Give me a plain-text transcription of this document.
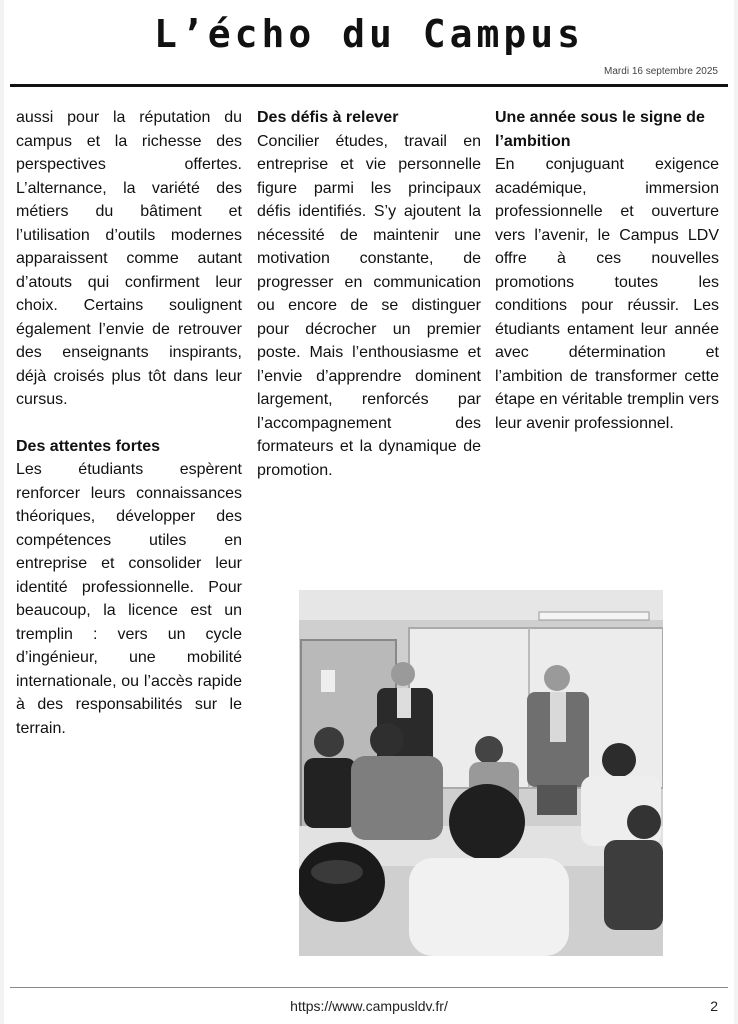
L’écho du Campus
Mardi 16 septembre 2025

aussi pour la réputation du campus et la richesse des perspectives offertes. L’alternance, la variété des métiers du bâtiment et l’utilisation d’outils modernes apparaissent comme autant d’atouts qui confirment leur choix. Certains soulignent également l’envie de retrouver des enseignants inspirants, déjà croisés plus tôt dans leur cursus.

Des attentes fortes

Les étudiants espèrent renforcer leurs connaissances théoriques, développer des compétences utiles en entreprise et consolider leur identité professionnelle. Pour beaucoup, la licence est un tremplin : vers un cycle d’ingénieur, une mobilité internationale, ou l’accès rapide à des responsabilités sur le terrain.

Des défis à relever

Concilier études, travail en entreprise et vie personnelle figure parmi les principaux défis identifiés. S’y ajoutent la nécessité de maintenir une motivation constante, de progresser en communication ou encore de se distinguer pour décrocher un premier poste. Mais l’enthousiasme et l’envie d’apprendre dominent largement, renforcés par l’accompagnement des formateurs et la dynamique de promotion.

Une année sous le signe de l’ambition

En conjuguant exigence académique, immersion professionnelle et ouverture vers l’avenir, le Campus LDV offre à ces nouvelles promotions toutes les conditions pour réussir. Les étudiants entament leur année avec détermination et l’ambition de transformer cette étape en véritable tremplin vers leur avenir professionnel.

https://www.campusldv.fr/	2
